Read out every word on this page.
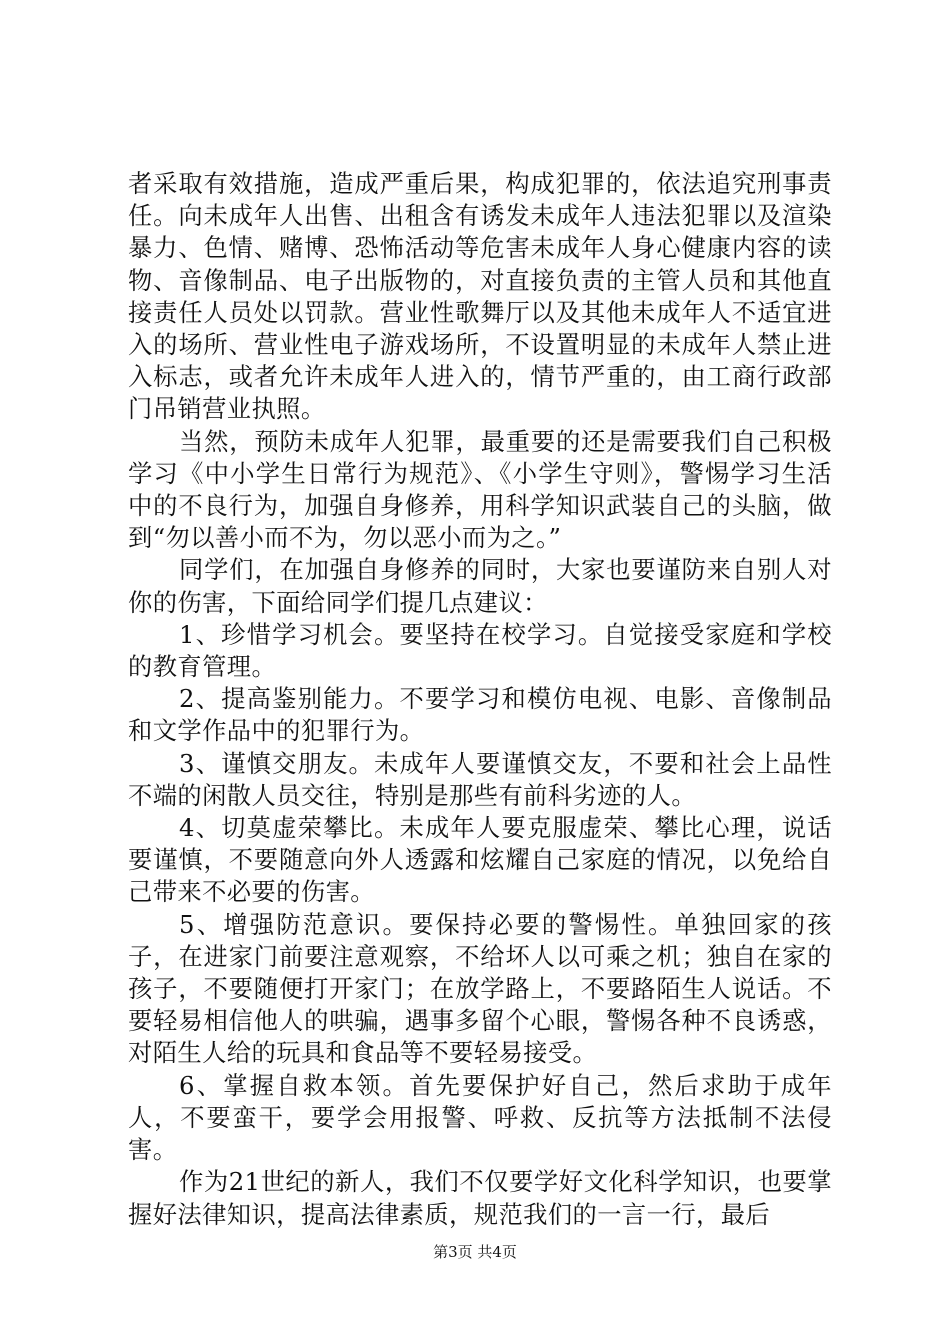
者采取有效措施，造成严重后果，构成犯罪的，依法追究刑事责任。向未成年人出售、出租含有诱发未成年人违法犯罪以及渲染暴力、色情、赌博、恐怖活动等危害未成年人身心健康内容的读物、音像制品、电子出版物的，对直接负责的主管人员和其他直接责任人员处以罚款。营业性歌舞厅以及其他未成年人不适宜进入的场所、营业性电子游戏场所，不设置明显的未成年人禁止进入标志，或者允许未成年人进入的，情节严重的，由工商行政部门吊销营业执照。

当然，预防未成年人犯罪，最重要的还是需要我们自己积极学习《中小学生日常行为规范》、《小学生守则》，警惕学习生活中的不良行为，加强自身修养，用科学知识武装自己的头脑，做到“勿以善小而不为，勿以恶小而为之。”

同学们，在加强自身修养的同时，大家也要谨防来自别人对你的伤害，下面给同学们提几点建议：

1、珍惜学习机会。要坚持在校学习。自觉接受家庭和学校的教育管理。

2、提高鉴别能力。不要学习和模仿电视、电影、音像制品和文学作品中的犯罪行为。

3、谨慎交朋友。未成年人要谨慎交友，不要和社会上品性不端的闲散人员交往，特别是那些有前科劣迹的人。

4、切莫虚荣攀比。未成年人要克服虚荣、攀比心理，说话要谨慎，不要随意向外人透露和炫耀自己家庭的情况，以免给自己带来不必要的伤害。

5、增强防范意识。要保持必要的警惕性。单独回家的孩子，在进家门前要注意观察，不给坏人以可乘之机；独自在家的孩子，不要随便打开家门；在放学路上，不要路陌生人说话。不要轻易相信他人的哄骗，遇事多留个心眼，警惕各种不良诱惑，对陌生人给的玩具和食品等不要轻易接受。

6、掌握自救本领。首先要保护好自己，然后求助于成年人，不要蛮干，要学会用报警、呼救、反抗等方法抵制不法侵害。

作为21世纪的新人，我们不仅要学好文化科学知识，也要掌握好法律知识，提高法律素质，规范我们的一言一行，最后

第3页 共4页
